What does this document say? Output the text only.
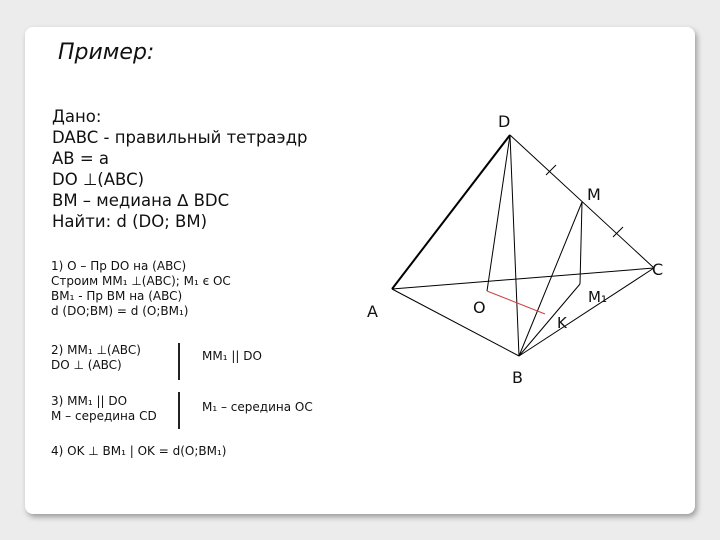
Пример:
Дано:
DABC - правильный тетраэдр
AB = a
DO ⊥(ABC)
BM – медиана ∆ BDC
Найти: d (DO; BM)
1) O – Пр DO на (ABC)
Строим MM₁ ⊥(ABC); M₁ є OC
BM₁ - Пр BM на (ABC)
d (DO;BM) = d (O;BM₁)
2) MM₁ ⊥(ABC)
DO ⊥ (ABC)
MM₁ || DO
3) MM₁ || DO
M – середина CD
M₁ – середина OC
4) OK ⊥ BM₁ | OK = d(O;BM₁)
D
M
C
M₁
A	O
K
B
